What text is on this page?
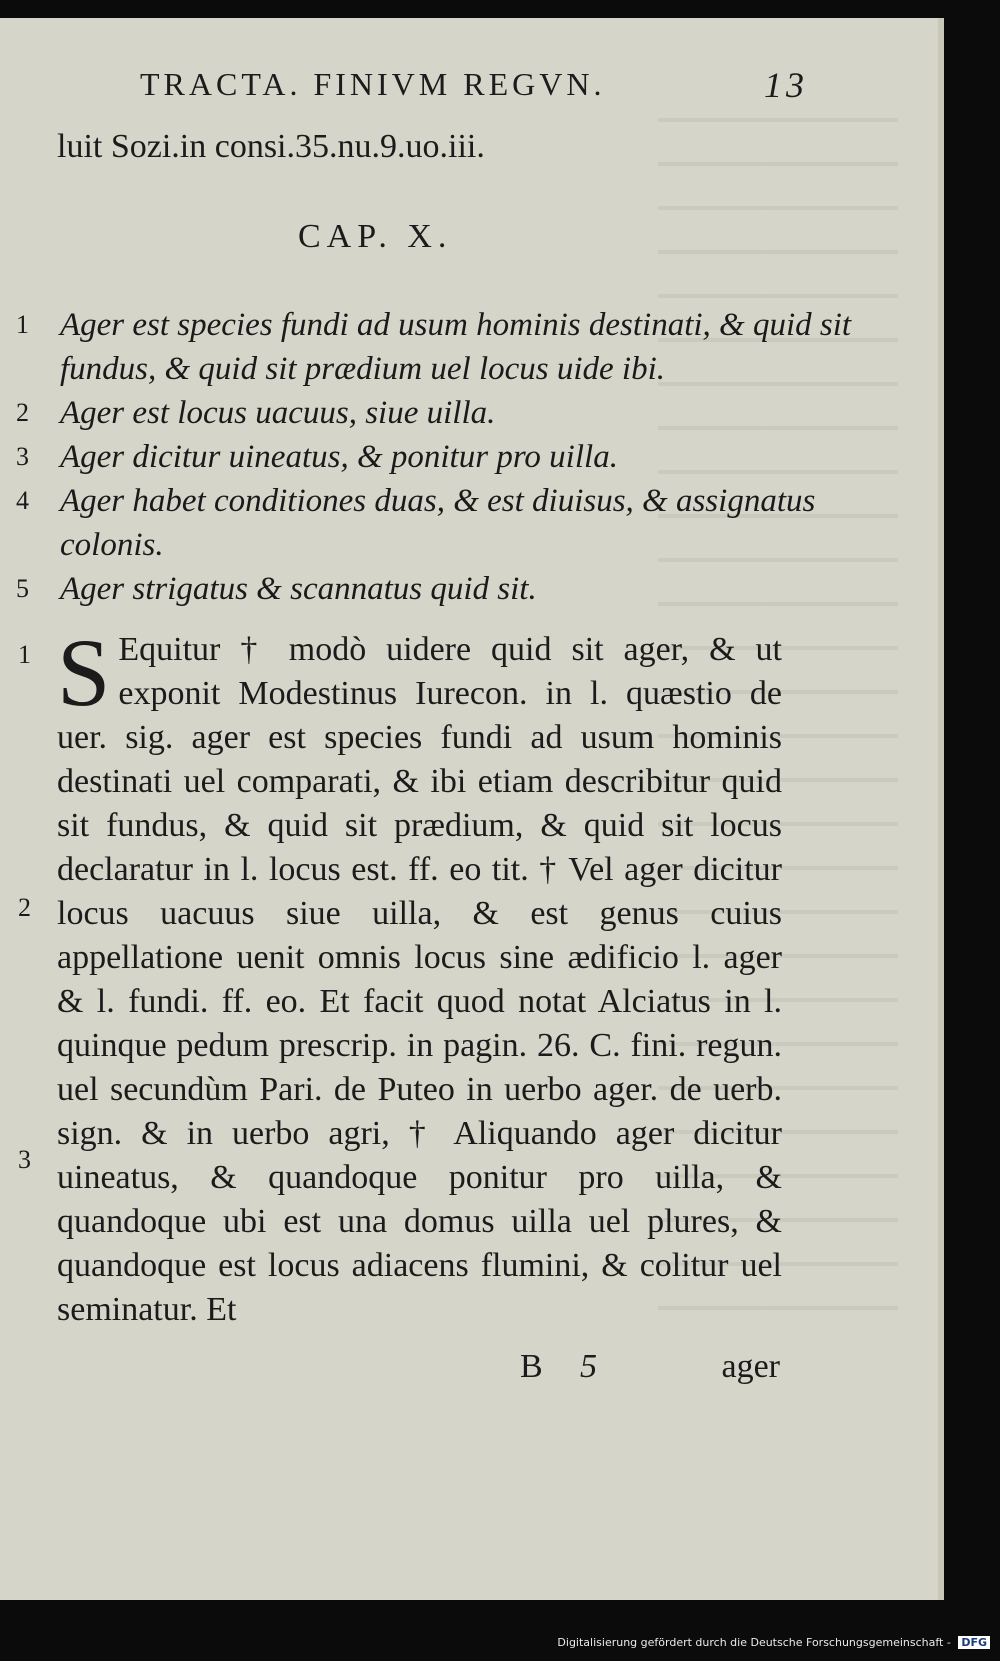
TRACTA. FINIVM REGVN.	13
luit Sozi.in consi.35.nu.9.uo.iii.
CAP. X.
1 Ager est species fundi ad usum hominis destinati, & quid sit fundus, & quid sit prædium uel locus uide ibi.
2 Ager est locus uacuus, siue uilla.
3 Ager dicitur uineatus, & ponitur pro uilla.
4 Ager habet conditiones duas, & est diuisus, & assignatus colonis.
5 Ager strigatus & scannatus quid sit.
1
2
3
S Equitur † modò uidere quid sit ager, & ut exponit Modestinus Iurecon. in l. quæstio de uer. sig. ager est species fundi ad usum hominis destinati uel comparati, & ibi etiam describitur quid sit fundus, & quid sit prædium, & quid sit locus declaratur in l. locus est. ff. eo tit. † Vel ager dicitur locus uacuus siue uilla, & est genus cuius appellatione uenit omnis locus sine ædificio l. ager & l. fundi. ff. eo. Et facit quod notat Alciatus in l. quinque pedum prescrip. in pagin. 26. C. fini. regun. uel secundùm Pari. de Puteo in uerbo ager. de uerb. sign. & in uerbo agri, † Aliquando ager dicitur uineatus, & quandoque ponitur pro uilla, & quandoque ubi est una domus uilla uel plures, & quandoque est locus adiacens flumini, & colitur uel seminatur. Et
B 5	ager
Digitalisierung gefördert durch die Deutsche Forschungsgemeinschaft - DFG
